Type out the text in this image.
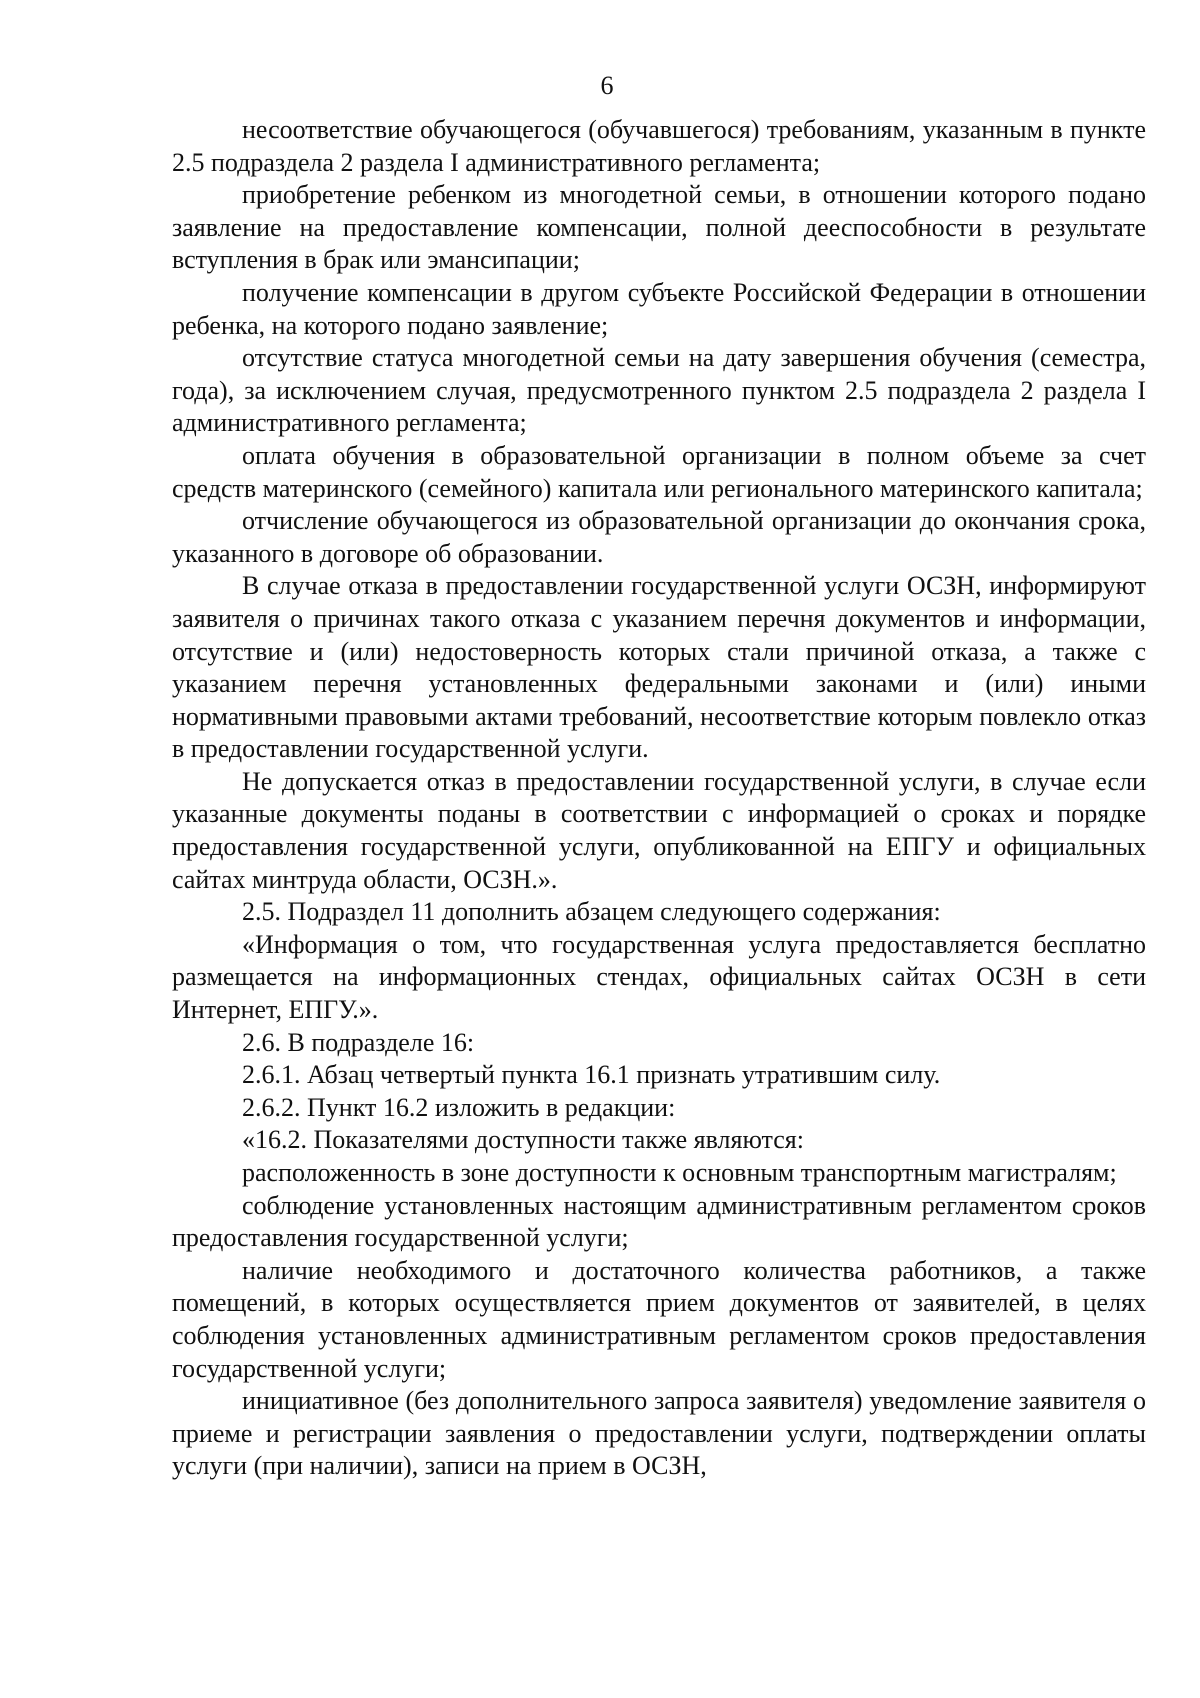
6

несоответствие обучающегося (обучавшегося) требованиям, указанным в пункте 2.5 подраздела 2 раздела I административного регламента;

приобретение ребенком из многодетной семьи, в отношении которого подано заявление на предоставление компенсации, полной дееспособности в результате вступления в брак или эмансипации;

получение компенсации в другом субъекте Российской Федерации в отношении ребенка, на которого подано заявление;

отсутствие статуса многодетной семьи на дату завершения обучения (семестра, года), за исключением случая, предусмотренного пунктом 2.5 подраздела 2 раздела I административного регламента;

оплата обучения в образовательной организации в полном объеме за счет средств материнского (семейного) капитала или регионального материнского капитала;

отчисление обучающегося из образовательной организации до окончания срока, указанного в договоре об образовании.

В случае отказа в предоставлении государственной услуги ОСЗН, информируют заявителя о причинах такого отказа с указанием перечня документов и информации, отсутствие и (или) недостоверность которых стали причиной отказа, а также с указанием перечня установленных федеральными законами и (или) иными нормативными правовыми актами требований, несоответствие которым повлекло отказ в предоставлении государственной услуги.

Не допускается отказ в предоставлении государственной услуги, в случае если указанные документы поданы в соответствии с информацией о сроках и порядке предоставления государственной услуги, опубликованной на ЕПГУ и официальных сайтах минтруда области, ОСЗН.».

2.5. Подраздел 11 дополнить абзацем следующего содержания:

«Информация о том, что государственная услуга предоставляется бесплатно размещается на информационных стендах, официальных сайтах ОСЗН в сети Интернет, ЕПГУ.».

2.6. В подразделе 16:

2.6.1. Абзац четвертый пункта 16.1 признать утратившим силу.

2.6.2. Пункт 16.2 изложить в редакции:

«16.2. Показателями доступности также являются:

расположенность в зоне доступности к основным транспортным магистралям;

соблюдение установленных настоящим административным регламентом сроков предоставления государственной услуги;

наличие необходимого и достаточного количества работников, а также помещений, в которых осуществляется прием документов от заявителей, в целях соблюдения установленных административным регламентом сроков предоставления государственной услуги;

инициативное (без дополнительного запроса заявителя) уведомление заявителя о приеме и регистрации заявления о предоставлении услуги, подтверждении оплаты услуги (при наличии), записи на прием в ОСЗН,
